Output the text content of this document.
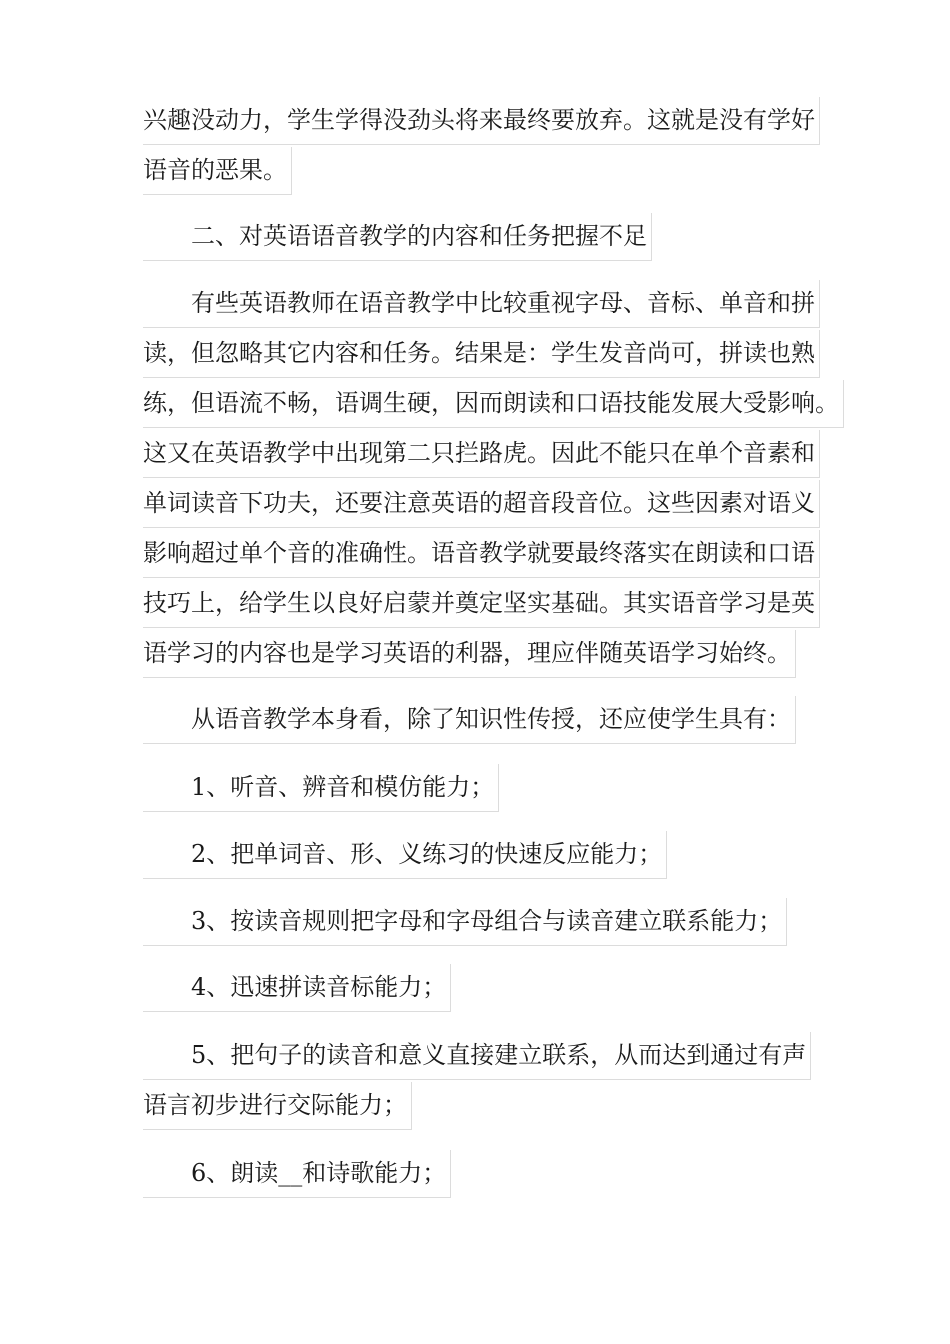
兴趣没动力，学生学得没劲头将来最终要放弃。这就是没有学好
语音的恶果。
二、对英语语音教学的内容和任务把握不足
有些英语教师在语音教学中比较重视字母、音标、单音和拼
读，但忽略其它内容和任务。结果是：学生发音尚可，拼读也熟
练，但语流不畅，语调生硬，因而朗读和口语技能发展大受影响。
这又在英语教学中出现第二只拦路虎。因此不能只在单个音素和
单词读音下功夫，还要注意英语的超音段音位。这些因素对语义
影响超过单个音的准确性。语音教学就要最终落实在朗读和口语
技巧上，给学生以良好启蒙并奠定坚实基础。其实语音学习是英
语学习的内容也是学习英语的利器，理应伴随英语学习始终。
从语音教学本身看，除了知识性传授，还应使学生具有：
1、听音、辨音和模仿能力；
2、把单词音、形、义练习的快速反应能力；
3、按读音规则把字母和字母组合与读音建立联系能力；
4、迅速拼读音标能力；
5、把句子的读音和意义直接建立联系，从而达到通过有声
语言初步进行交际能力；
6、朗读__和诗歌能力；
